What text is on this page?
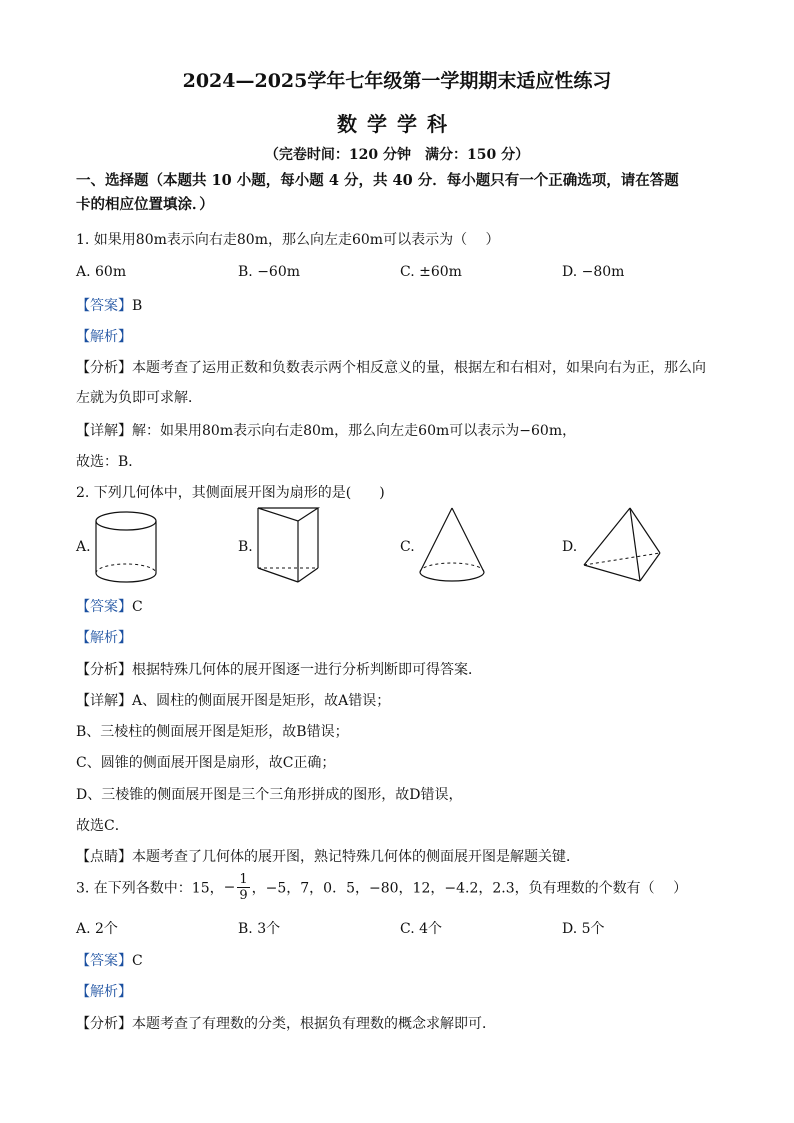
2024—2025学年七年级第一学期期末适应性练习
数学学科
（完卷时间：120 分钟　满分：150 分）
一、选择题（本题共 10 小题，每小题 4 分，共 40 分．每小题只有一个正确选项，请在答题
卡的相应位置填涂．）
1. 如果用80m表示向右走80m，那么向左走60m可以表示为（　 ）
A. 60m	B. −60m	C. ±60m	D. −80m
【答案】B
【解析】
【分析】本题考查了运用正数和负数表示两个相反意义的量，根据左和右相对，如果向右为正，那么向
左就为负即可求解．
【详解】解：如果用80m表示向右走80m，那么向左走60m可以表示为−60m，
故选：B．
2. 下列几何体中，其侧面展开图为扇形的是(　　)
A.	B.	C.	D.
【答案】C
【解析】
【分析】根据特殊几何体的展开图逐一进行分析判断即可得答案．
【详解】A、圆柱的侧面展开图是矩形，故A错误；
B、三棱柱的侧面展开图是矩形，故B错误；
C、圆锥的侧面展开图是扇形，故C正确；
D、三棱锥的侧面展开图是三个三角形拼成的图形，故D错误，
故选C．
【点睛】本题考查了几何体的展开图，熟记特殊几何体的侧面展开图是解题关键．
3. 在下列各数中：15，− $\frac{1}{9}$ ，−5，7，0．5，−80，12，−4.2，2.3，负有理数的个数有（　 ）
A. 2个	B. 3个	C. 4个	D. 5个
【答案】C
【解析】
【分析】本题考查了有理数的分类，根据负有理数的概念求解即可．
